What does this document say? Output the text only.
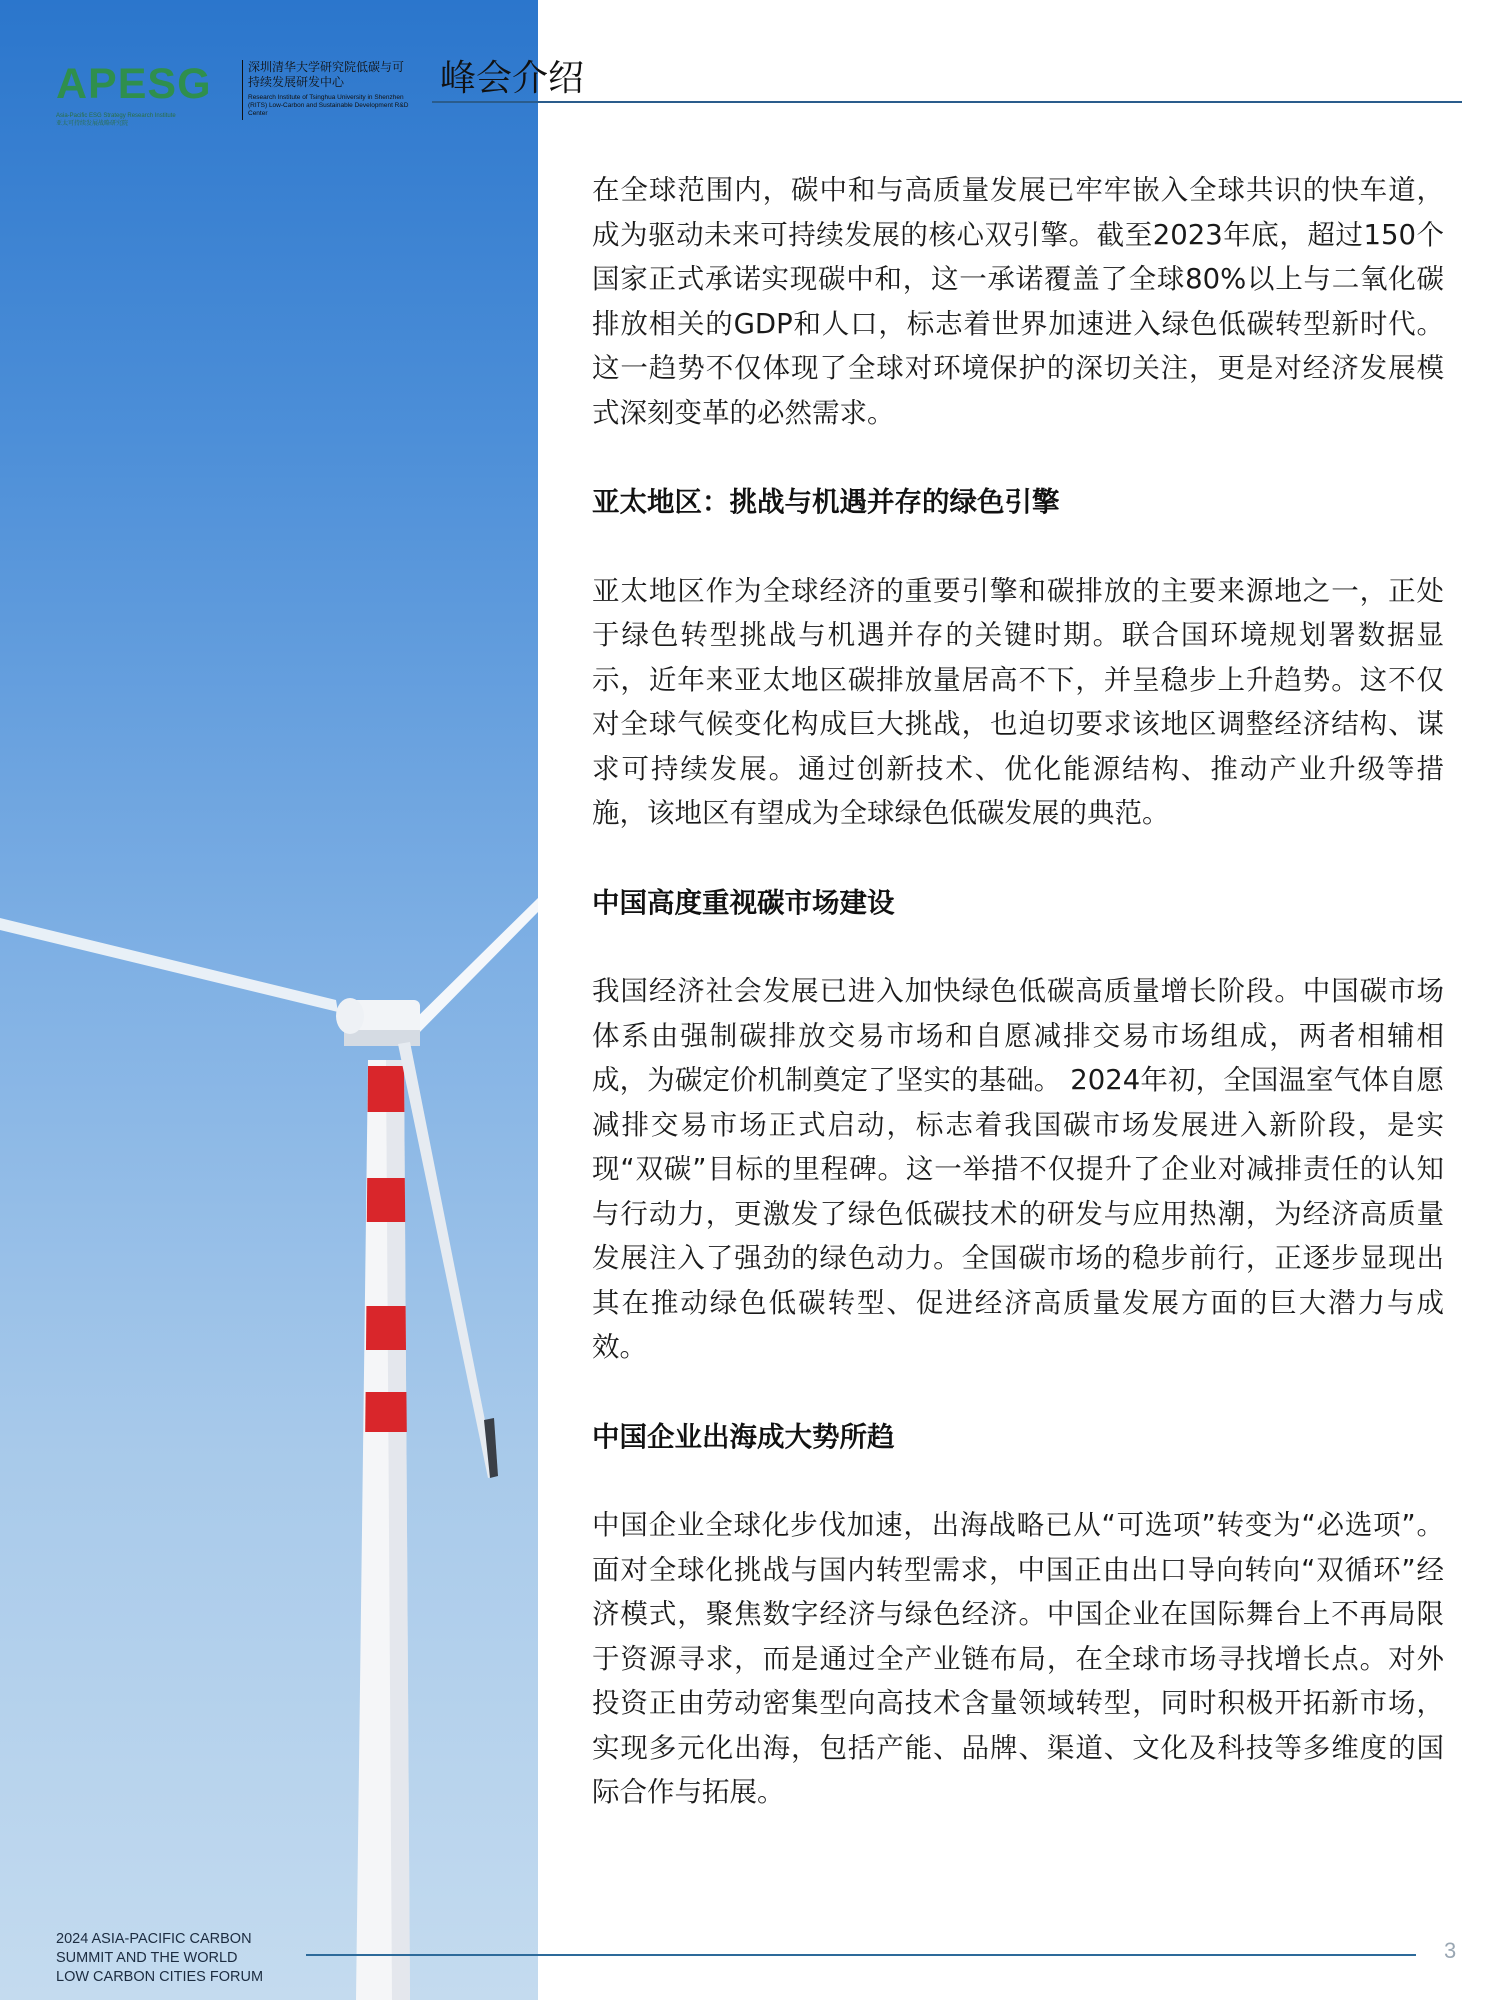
APESG
Asia-Pacific ESG Strategy Research Institute
亚太可持续发展战略研究院
深圳清华大学研究院低碳与可持续发展研发中心
Research Institute of Tsinghua University in Shenzhen (RITS) Low-Carbon and Sustainable Development R&D Center
峰会介绍

在全球范围内，碳中和与高质量发展已牢牢嵌入全球共识的快车道，成为驱动未来可持续发展的核心双引擎。截至2023年底，超过150个国家正式承诺实现碳中和，这一承诺覆盖了全球80%以上与二氧化碳排放相关的GDP和人口，标志着世界加速进入绿色低碳转型新时代。这一趋势不仅体现了全球对环境保护的深切关注，更是对经济发展模式深刻变革的必然需求。

亚太地区：挑战与机遇并存的绿色引擎

亚太地区作为全球经济的重要引擎和碳排放的主要来源地之一，正处于绿色转型挑战与机遇并存的关键时期。联合国环境规划署数据显示，近年来亚太地区碳排放量居高不下，并呈稳步上升趋势。这不仅对全球气候变化构成巨大挑战，也迫切要求该地区调整经济结构、谋求可持续发展。通过创新技术、优化能源结构、推动产业升级等措施，该地区有望成为全球绿色低碳发展的典范。

中国高度重视碳市场建设

我国经济社会发展已进入加快绿色低碳高质量增长阶段。中国碳市场体系由强制碳排放交易市场和自愿减排交易市场组成，两者相辅相成，为碳定价机制奠定了坚实的基础。 2024年初，全国温室气体自愿减排交易市场正式启动，标志着我国碳市场发展进入新阶段，是实现“双碳”目标的里程碑。这一举措不仅提升了企业对减排责任的认知与行动力，更激发了绿色低碳技术的研发与应用热潮，为经济高质量发展注入了强劲的绿色动力。全国碳市场的稳步前行，正逐步显现出其在推动绿色低碳转型、促进经济高质量发展方面的巨大潜力与成效。

中国企业出海成大势所趋

中国企业全球化步伐加速，出海战略已从“可选项”转变为“必选项”。面对全球化挑战与国内转型需求，中国正由出口导向转向“双循环”经济模式，聚焦数字经济与绿色经济。中国企业在国际舞台上不再局限于资源寻求，而是通过全产业链布局，在全球市场寻找增长点。对外投资正由劳动密集型向高技术含量领域转型，同时积极开拓新市场，实现多元化出海，包括产能、品牌、渠道、文化及科技等多维度的国际合作与拓展。

2024 ASIA-PACIFIC CARBON
SUMMIT AND THE WORLD
LOW CARBON CITIES FORUM
3
